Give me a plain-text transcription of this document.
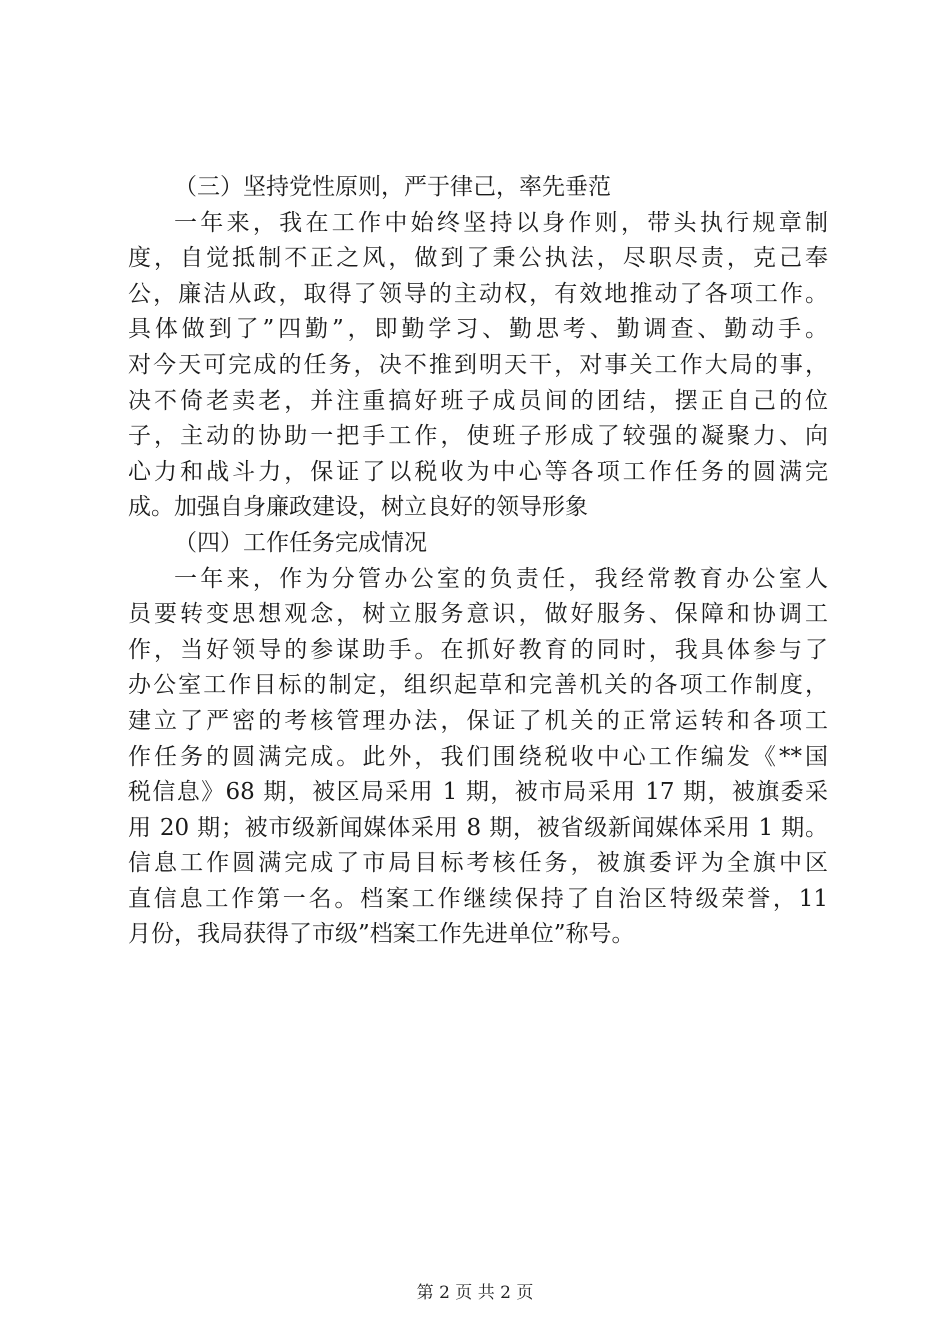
（三）坚持党性原则，严于律己，率先垂范
一年来，我在工作中始终坚持以身作则，带头执行规章制
度，自觉抵制不正之风，做到了秉公执法，尽职尽责，克己奉
公，廉洁从政，取得了领导的主动权，有效地推动了各项工作。
具体做到了”四勤”，即勤学习、勤思考、勤调查、勤动手。
对今天可完成的任务，决不推到明天干，对事关工作大局的事，
决不倚老卖老，并注重搞好班子成员间的团结，摆正自己的位
子，主动的协助一把手工作，使班子形成了较强的凝聚力、向
心力和战斗力，保证了以税收为中心等各项工作任务的圆满完
成。加强自身廉政建设，树立良好的领导形象
（四）工作任务完成情况
一年来，作为分管办公室的负责任，我经常教育办公室人
员要转变思想观念，树立服务意识，做好服务、保障和协调工
作，当好领导的参谋助手。在抓好教育的同时，我具体参与了
办公室工作目标的制定，组织起草和完善机关的各项工作制度，
建立了严密的考核管理办法，保证了机关的正常运转和各项工
作任务的圆满完成。此外，我们围绕税收中心工作编发《**国
税信息》68 期，被区局采用 1 期，被市局采用 17 期，被旗委采
用 20 期；被市级新闻媒体采用 8 期，被省级新闻媒体采用 1 期。
信息工作圆满完成了市局目标考核任务，被旗委评为全旗中区
直信息工作第一名。档案工作继续保持了自治区特级荣誉，11
月份，我局获得了市级”档案工作先进单位”称号。
第 2 页 共 2 页
